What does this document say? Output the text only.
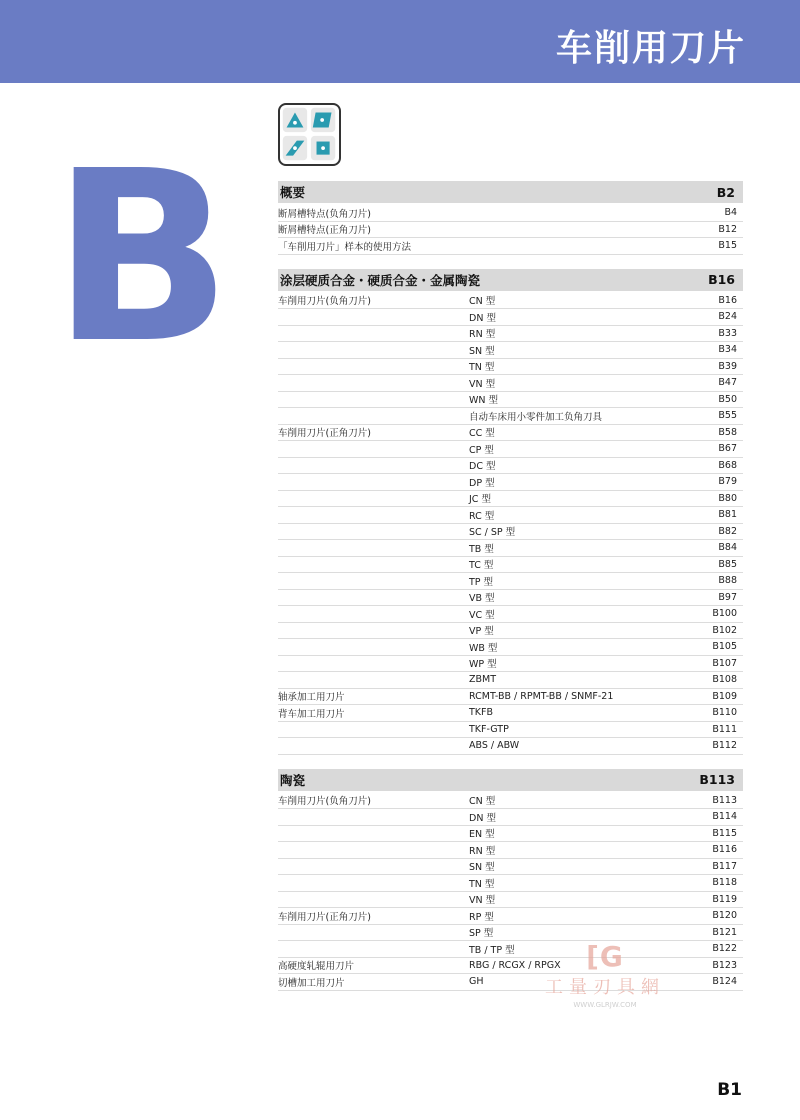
车削用刀片
B	概要	B2
断屑槽特点(负角刀片)	B4
断屑槽特点(正角刀片)	B12
「车削用刀片」样本的使用方法	B15
涂层硬质合金・硬质合金・金属陶瓷	B16
车削用刀片(负角刀片)	CN 型	B16
DN 型	B24
RN 型	B33
SN 型	B34
TN 型	B39
VN 型	B47
WN 型	B50
自动车床用小零件加工负角刀具	B55
车削用刀片(正角刀片)	CC 型	B58
CP 型	B67
DC 型	B68
DP 型	B79
JC 型	B80
RC 型	B81
SC / SP 型	B82
TB 型	B84
TC 型	B85
TP 型	B88
VB 型	B97
VC 型	B100
VP 型	B102
WB 型	B105
WP 型	B107
ZBMT	B108
轴承加工用刀片	RCMT-BB / RPMT-BB / SNMF-21	B109
背车加工用刀片	TKFB	B110
TKF-GTP	B111
ABS / ABW	B112
陶瓷	B113
车削用刀片(负角刀片)	CN 型	B113
DN 型	B114
EN 型	B115
RN 型	B116
SN 型	B117
TN 型	B118
VN 型	B119
车削用刀片(正角刀片)	RP 型	B120
SP 型	B121
TB / TP 型	B122
高硬度轧辊用刀片	RBG / RCGX / RPGX	B123
切槽加工用刀片	GH	B124
[G
工量刃具網
WWW.GLRJW.COM
B1
